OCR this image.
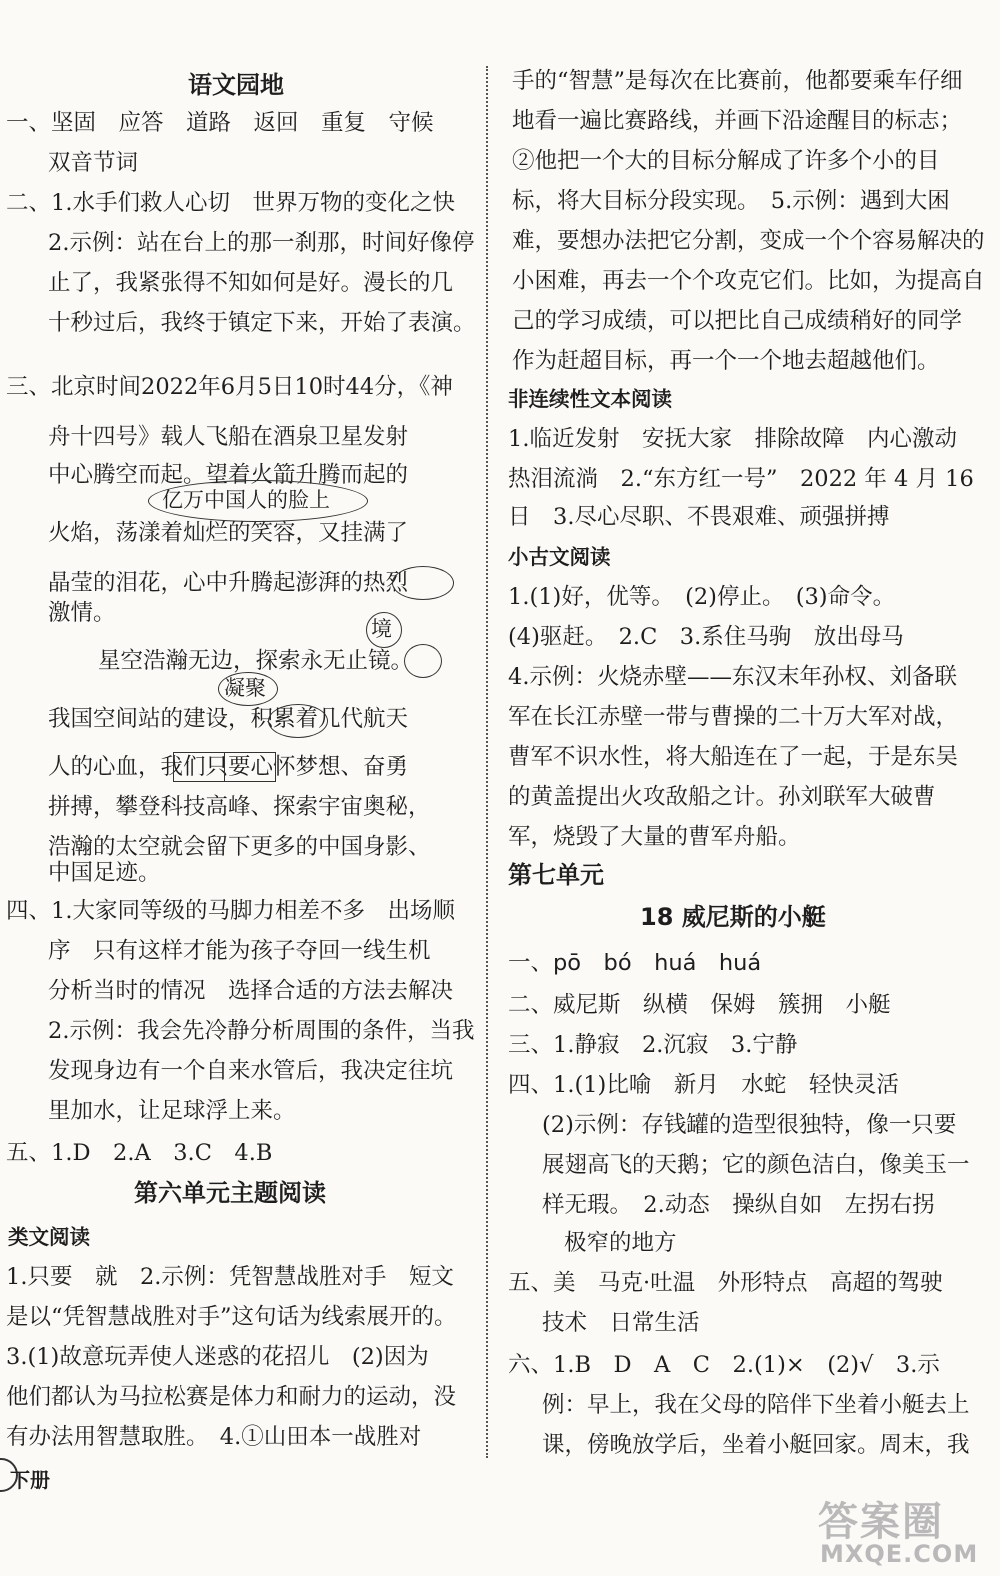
语文园地
一、坚固　应答　道路　返回　重复　守候
双音节词
二、1.水手们救人心切　世界万物的变化之快
2.示例：站在台上的那一刹那，时间好像停
止了，我紧张得不知如何是好。漫长的几
十秒过后，我终于镇定下来，开始了表演。
三、北京时间2022年6月5日10时44分，《神
舟十四号》载人飞船在酒泉卫星发射
中心腾空而起。望着火箭升腾而起的
火焰，荡漾着灿烂的笑容，又挂满了
晶莹的泪花，心中升腾起澎湃的热烈
激情。
星空浩瀚无边，探索永无止镜。
我国空间站的建设，积累着几代航天
人的心血，我们只要心怀梦想、奋勇
拼搏，攀登科技高峰、探索宇宙奥秘，
浩瀚的太空就会留下更多的中国身影、
中国足迹。
四、1.大家同等级的马脚力相差不多　出场顺
序　只有这样才能为孩子夺回一线生机
分析当时的情况　选择合适的方法去解决
2.示例：我会先冷静分析周围的条件，当我
发现身边有一个自来水管后，我决定往坑
里加水，让足球浮上来。
五、1.D　2.A　3.C　4.B
第六单元主题阅读
类文阅读
1.只要　就　2.示例：凭智慧战胜对手　短文
是以“凭智慧战胜对手”这句话为线索展开的。
3.(1)故意玩弄使人迷惑的花招儿　(2)因为
他们都认为马拉松赛是体力和耐力的运动，没
有办法用智慧取胜。　4.①山田本一战胜对
手的“智慧”是每次在比赛前，他都要乘车仔细
地看一遍比赛路线，并画下沿途醒目的标志；
②他把一个大的目标分解成了许多个小的目
标，将大目标分段实现。　5.示例：遇到大困
难，要想办法把它分割，变成一个个容易解决的
小困难，再去一个个攻克它们。比如，为提高自
己的学习成绩，可以把比自己成绩稍好的同学
作为赶超目标，再一个一个地去超越他们。
非连续性文本阅读
1.临近发射　安抚大家　排除故障　内心激动
热泪流淌　2.“东方红一号”　2022 年 4 月 16
日　3.尽心尽职、不畏艰难、顽强拼搏
小古文阅读
1.(1)好，优等。　(2)停止。　(3)命令。
(4)驱赶。　2.C　3.系住马驹　放出母马
4.示例：火烧赤壁——东汉末年孙权、刘备联
军在长江赤壁一带与曹操的二十万大军对战，
曹军不识水性，将大船连在了一起，于是东吴
的黄盖提出火攻敌船之计。孙刘联军大破曹
军，烧毁了大量的曹军舟船。
第七单元
18 威尼斯的小艇
一、pō　bó　huá　huá
二、威尼斯　纵横　保姆　簇拥　小艇
三、1.静寂　2.沉寂　3.宁静
四、1.(1)比喻　新月　水蛇　轻快灵活
(2)示例：存钱罐的造型很独特，像一只要
展翅高飞的天鹅；它的颜色洁白，像美玉一
样无瑕。　2.动态　操纵自如　左拐右拐
极窄的地方
五、美　马克·吐温　外形特点　高超的驾驶
技术　日常生活
六、1.B　D　A　C　2.(1)×　(2)√　3.示
例：早上，我在父母的陪伴下坐着小艇去上
课，傍晚放学后，坐着小艇回家。周末，我
亿万中国人的脸上
境
凝聚
下册
答案圈
MXQE.COM
